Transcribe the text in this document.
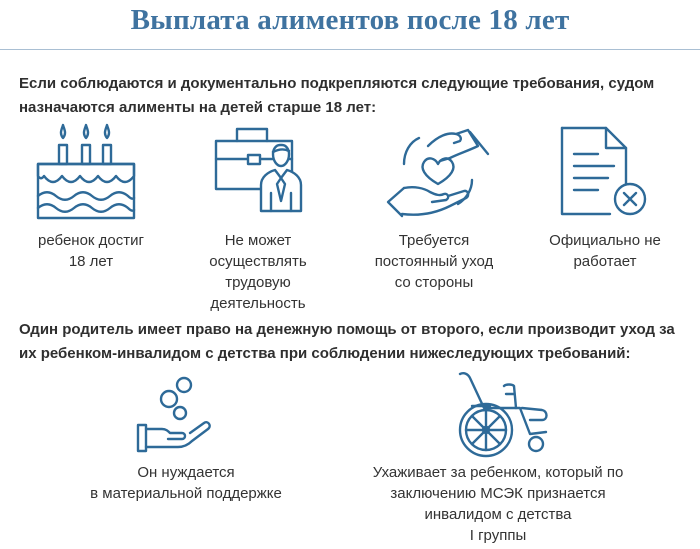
Выплата алиментов после 18 лет
Если соблюдаются и документально подкрепляются следующие требования, судом
назначаются алименты на детей старше 18 лет:
ребенок достиг
18 лет
Не может
осуществлять
трудовую
деятельность
Требуется
постоянный уход
со стороны
Официально не
работает
Один родитель имеет право на денежную помощь от второго, если производит уход за
их ребенком-инвалидом с детства при соблюдении нижеследующих требований:
Он нуждается
в материальной поддержке
Ухаживает за ребенком, который по
заключению МСЭК признается
инвалидом с детства
I группы
